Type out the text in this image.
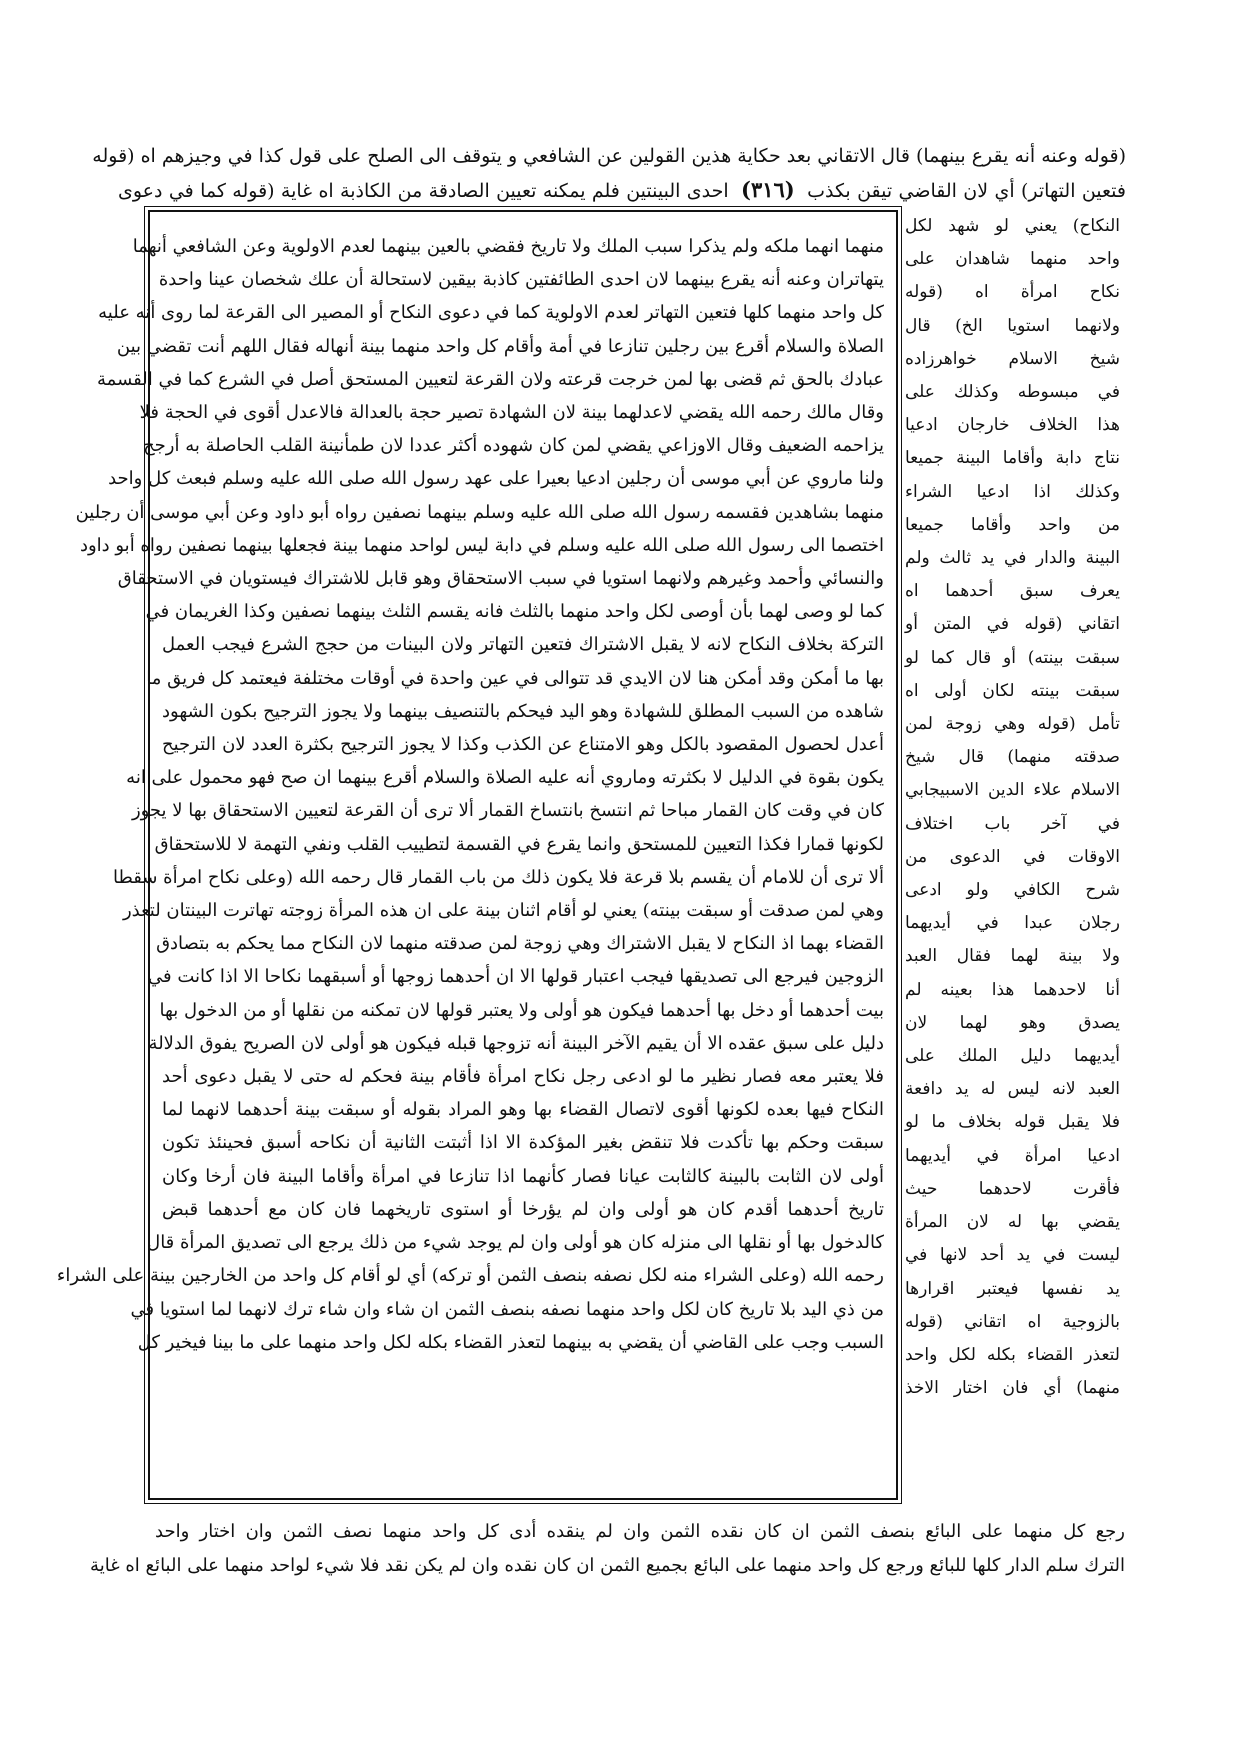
(قوله وعنه أنه يقرع بينهما) قال الاتقاني بعد حكاية هذين القولين عن الشافعي و يتوقف الى الصلح على قول كذا في وجيزهم اه (قوله
فتعين التهاتر) أي لان القاضي تيقن بكذب (٣١٦) احدى البينتين فلم يمكنه تعيين الصادقة من الكاذبة اه غاية (قوله كما في دعوى
منهما انهما ملكه ولم يذكرا سبب الملك ولا تاريخ فقضي بالعين بينهما لعدم الاولوية وعن الشافعي أنهما
يتهاتران وعنه أنه يقرع بينهما لان احدى الطائفتين كاذبة بيقين لاستحالة أن علك شخصان عينا واحدة
كل واحد منهما كلها فتعين التهاتر لعدم الاولوية كما في دعوى النكاح أو المصير الى القرعة لما روى أنه عليه
الصلاة والسلام أقرع بين رجلين تنازعا في أمة وأقام كل واحد منهما بينة أنهاله فقال اللهم أنت تقضي بين
عبادك بالحق ثم قضى بها لمن خرجت قرعته ولان القرعة لتعيين المستحق أصل في الشرع كما في القسمة
وقال مالك رحمه الله يقضي لاعدلهما بينة لان الشهادة تصير حجة بالعدالة فالاعدل أقوى في الحجة فلا
يزاحمه الضعيف وقال الاوزاعي يقضي لمن كان شهوده أكثر عددا لان طمأنينة القلب الحاصلة به أرجح
ولنا ماروي عن أبي موسى أن رجلين ادعيا بعيرا على عهد رسول الله صلى الله عليه وسلم فبعث كل واحد
منهما بشاهدين فقسمه رسول الله صلى الله عليه وسلم بينهما نصفين رواه أبو داود وعن أبي موسى أن رجلين
اختصما الى رسول الله صلى الله عليه وسلم في دابة ليس لواحد منهما بينة فجعلها بينهما نصفين رواه أبو داود
والنسائي وأحمد وغيرهم ولانهما استويا في سبب الاستحقاق وهو قابل للاشتراك فيستويان في الاستحقاق
كما لو وصى لهما بأن أوصى لكل واحد منهما بالثلث فانه يقسم الثلث بينهما نصفين وكذا الغريمان في
التركة بخلاف النكاح لانه لا يقبل الاشتراك فتعين التهاتر ولان البينات من حجج الشرع فيجب العمل
بها ما أمكن وقد أمكن هنا لان الايدي قد تتوالى في عين واحدة في أوقات مختلفة فيعتمد كل فريق ما
شاهده من السبب المطلق للشهادة وهو اليد فيحكم بالتنصيف بينهما ولا يجوز الترجيح بكون الشهود
أعدل لحصول المقصود بالكل وهو الامتناع عن الكذب وكذا لا يجوز الترجيح بكثرة العدد لان الترجيح
يكون بقوة في الدليل لا بكثرته وماروي أنه عليه الصلاة والسلام أقرع بينهما ان صح فهو محمول على انه
كان في وقت كان القمار مباحا ثم انتسخ بانتساخ القمار ألا ترى أن القرعة لتعيين الاستحقاق بها لا يجوز
لكونها قمارا فكذا التعيين للمستحق وانما يقرع في القسمة لتطييب القلب ونفي التهمة لا للاستحقاق
ألا ترى أن للامام أن يقسم بلا قرعة فلا يكون ذلك من باب القمار قال رحمه الله (وعلى نكاح امرأة سقطا
وهي لمن صدقت أو سبقت بينته) يعني لو أقام اثنان بينة على ان هذه المرأة زوجته تهاترت البينتان لتعذر
القضاء بهما اذ النكاح لا يقبل الاشتراك وهي زوجة لمن صدقته منهما لان النكاح مما يحكم به بتصادق
الزوجين فيرجع الى تصديقها فيجب اعتبار قولها الا ان أحدهما زوجها أو أسبقهما نكاحا الا اذا كانت في
بيت أحدهما أو دخل بها أحدهما فيكون هو أولى ولا يعتبر قولها لان تمكنه من نقلها أو من الدخول بها
دليل على سبق عقده الا أن يقيم الآخر البينة أنه تزوجها قبله فيكون هو أولى لان الصريح يفوق الدلالة
فلا يعتبر معه فصار نظير ما لو ادعى رجل نكاح امرأة فأقام بينة فحكم له حتى لا يقبل دعوى أحد
النكاح فيها بعده لكونها أقوى لاتصال القضاء بها وهو المراد بقوله أو سبقت بينة أحدهما لانهما لما
سبقت وحكم بها تأكدت فلا تنقض بغير المؤكدة الا اذا أثبتت الثانية أن نكاحه أسبق فحينئذ تكون
أولى لان الثابت بالبينة كالثابت عيانا فصار كأنهما اذا تنازعا في امرأة وأقاما البينة فان أرخا وكان
تاريخ أحدهما أقدم كان هو أولى وان لم يؤرخا أو استوى تاريخهما فان كان مع أحدهما قبض
كالدخول بها أو نقلها الى منزله كان هو أولى وان لم يوجد شيء من ذلك يرجع الى تصديق المرأة قال
رحمه الله (وعلى الشراء منه لكل نصفه بنصف الثمن أو تركه) أي لو أقام كل واحد من الخارجين بينة على الشراء
من ذي اليد بلا تاريخ كان لكل واحد منهما نصفه بنصف الثمن ان شاء وان شاء ترك لانهما لما استويا في
السبب وجب على القاضي أن يقضي به بينهما لتعذر القضاء بكله لكل واحد منهما على ما بينا فيخير كل
النكاح) يعني لو شهد لكل
واحد منهما شاهدان على
نكاح امرأة اه (قوله
ولانهما استويا الخ) قال
شيخ الاسلام خواهرزاده
في مبسوطه وكذلك على
هذا الخلاف خارجان ادعيا
نتاج دابة وأقاما البينة جميعا
وكذلك اذا ادعيا الشراء
من واحد وأقاما جميعا
البينة والدار في يد ثالث ولم
يعرف سبق أحدهما اه
اتقاني (قوله في المتن أو
سبقت بينته) أو قال كما لو
سبقت بينته لكان أولى اه
تأمل (قوله وهي زوجة لمن
صدقته منهما) قال شيخ
الاسلام علاء الدين الاسبيجابي
في آخر باب اختلاف
الاوقات في الدعوى من
شرح الكافي ولو ادعى
رجلان عبدا في أيديهما
ولا بينة لهما فقال العبد
أنا لاحدهما هذا بعينه لم
يصدق وهو لهما لان
أيديهما دليل الملك على
العبد لانه ليس له يد دافعة
فلا يقبل قوله بخلاف ما لو
ادعيا امرأة في أيديهما
فأقرت لاحدهما حيث
يقضي بها له لان المرأة
ليست في يد أحد لانها في
يد نفسها فيعتبر اقرارها
بالزوجية اه اتقاني (قوله
لتعذر القضاء بكله لكل واحد
منهما) أي فان اختار الاخذ
رجع كل منهما على البائع بنصف الثمن ان كان نقده الثمن وان لم ينقده أدى كل واحد منهما نصف الثمن وان اختار واحد
الترك سلم الدار كلها للبائع ورجع كل واحد منهما على البائع بجميع الثمن ان كان نقده وان لم يكن نقد فلا شيء لواحد منهما على البائع اه غاية
